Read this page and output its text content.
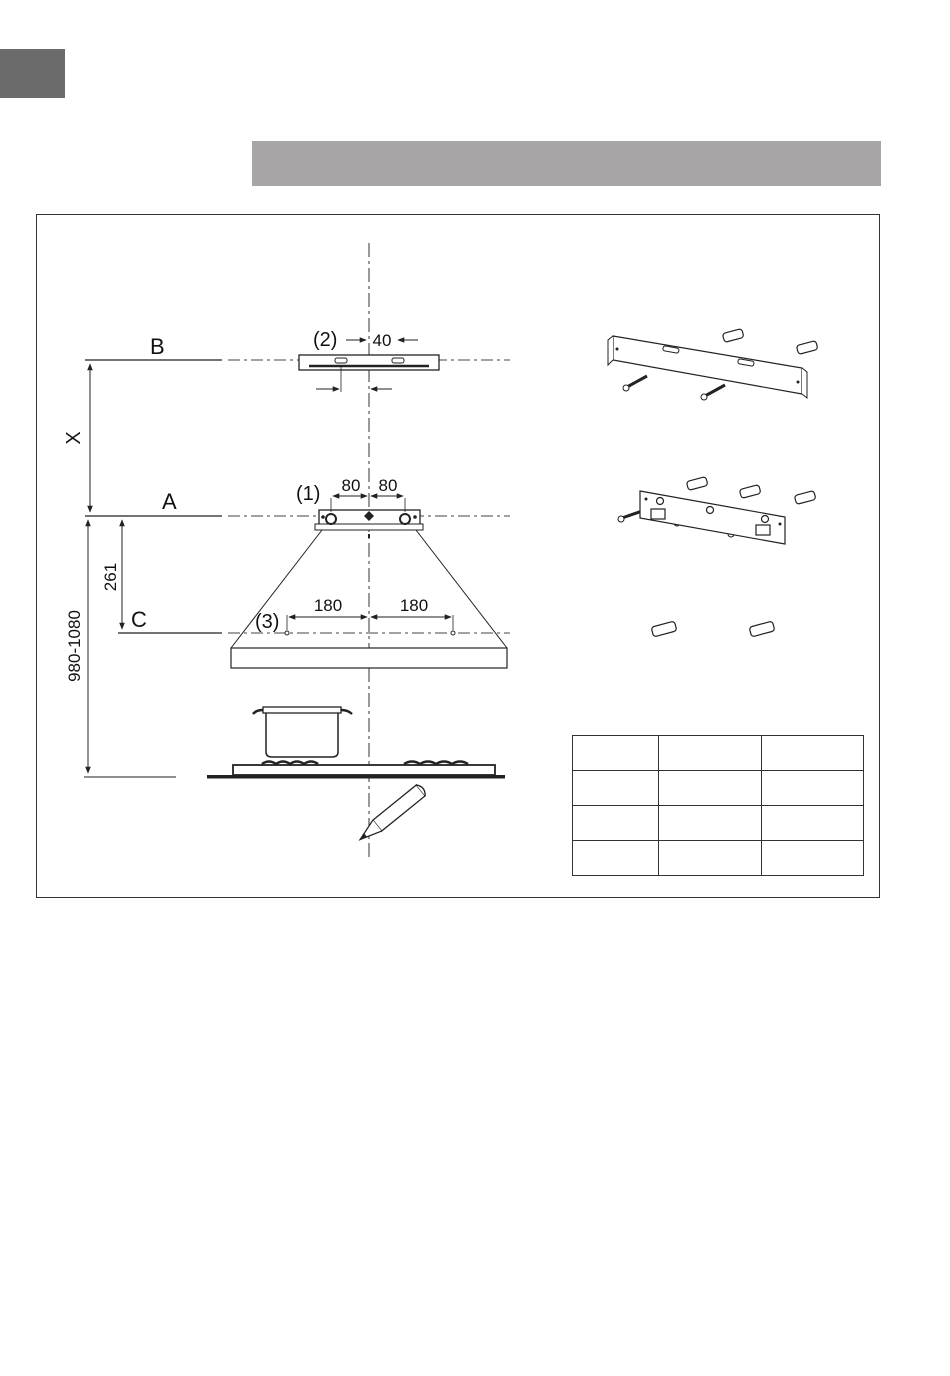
B	(2) 40
X
A	(1) 80 80
261
C	(3)
180	180
980-1080
